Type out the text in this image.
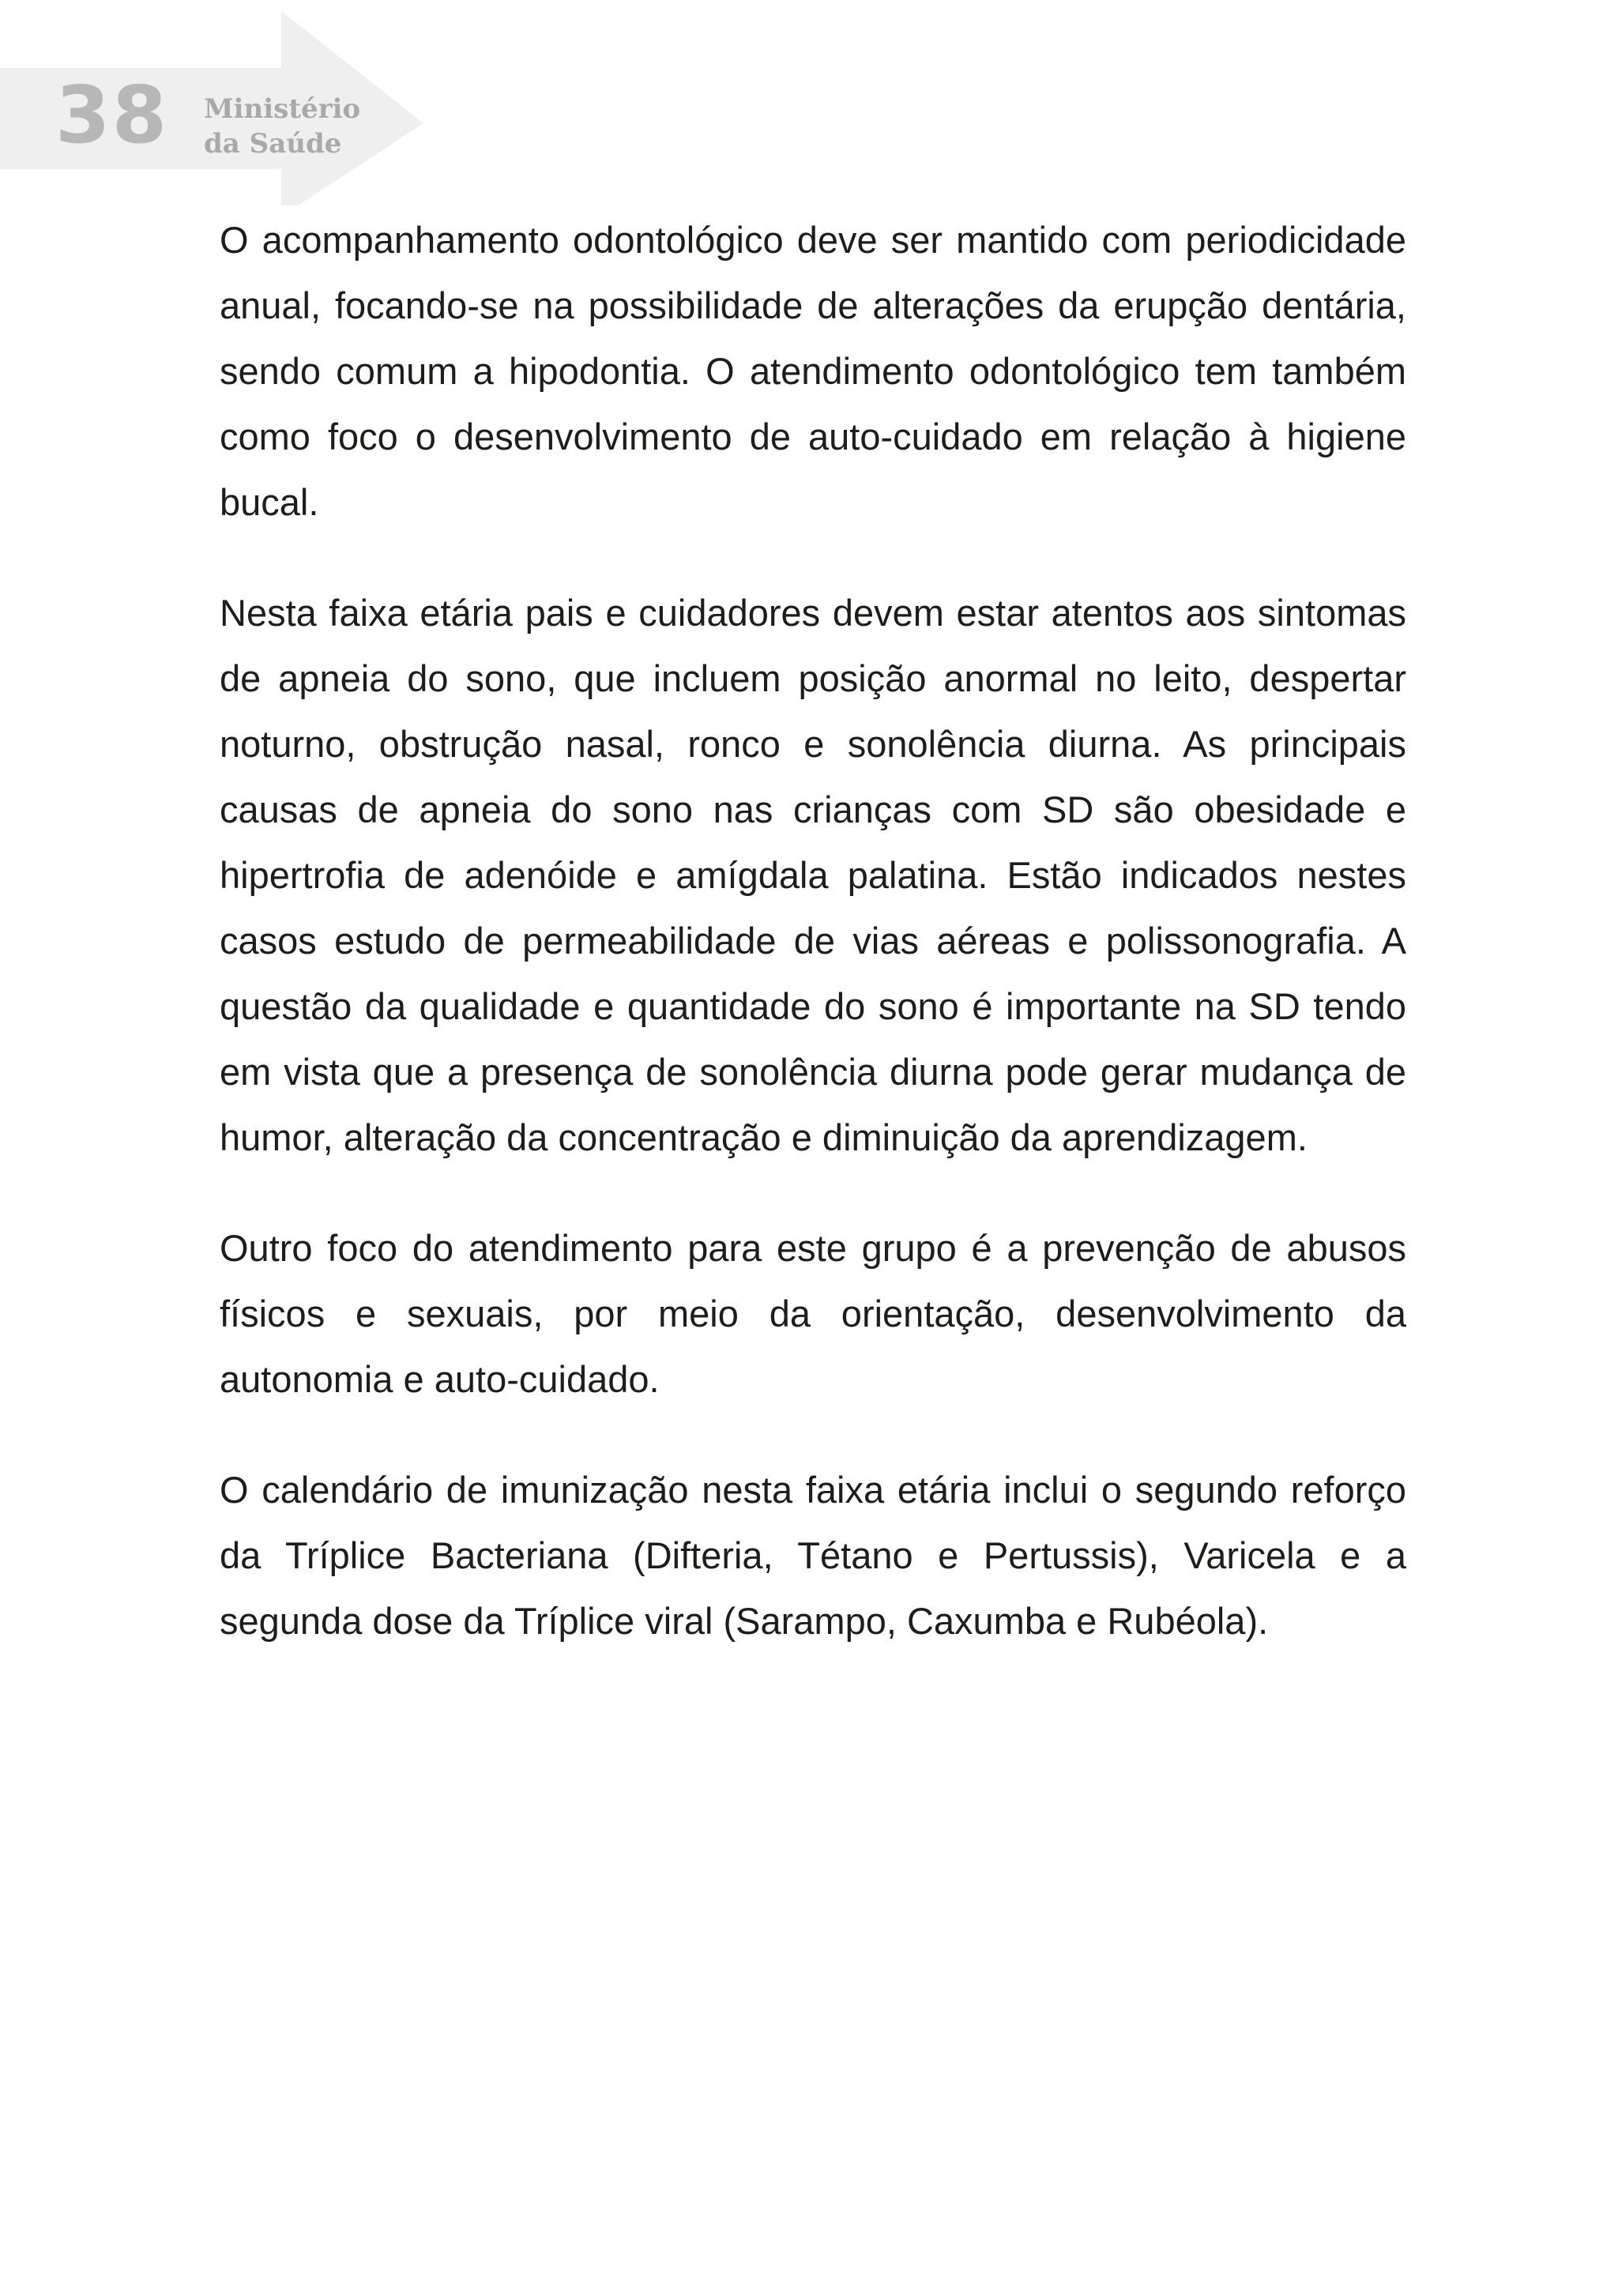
38 Ministério
da Saúde

O acompanhamento odontológico deve ser mantido com periodicidade anual, focando-se na possibilidade de alterações da erupção dentária, sendo comum a hipodontia. O atendimento odontológico tem também como foco o desenvolvimento de auto-cuidado em relação à higiene bucal.

Nesta faixa etária pais e cuidadores devem estar atentos aos sintomas de apneia do sono, que incluem posição anormal no leito, despertar noturno, obstrução nasal, ronco e sonolência diurna. As principais causas de apneia do sono nas crianças com SD são obesidade e hipertrofia de adenóide e amígdala palatina. Estão indicados nestes casos estudo de permeabilidade de vias aéreas e polissonografia. A questão da qualidade e quantidade do sono é importante na SD tendo em vista que a presença de sonolência diurna pode gerar mudança de humor, alteração da concentração e diminuição da aprendizagem.

Outro foco do atendimento para este grupo é a prevenção de abusos físicos e sexuais, por meio da orientação, desenvolvimento da autonomia e auto-cuidado.

O calendário de imunização nesta faixa etária inclui o segundo reforço da Tríplice Bacteriana (Difteria, Tétano e Pertussis), Varicela e a segunda dose da Tríplice viral (Sarampo, Caxumba e Rubéola).
